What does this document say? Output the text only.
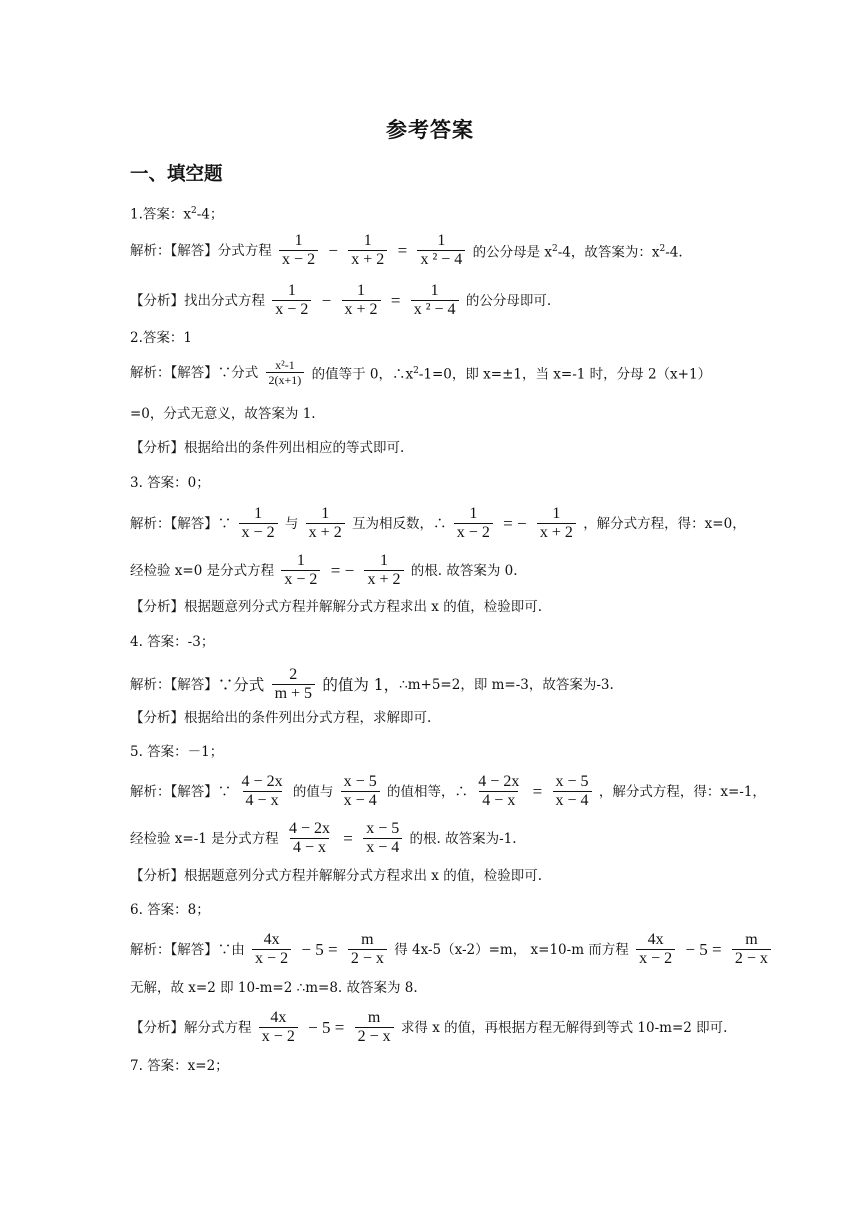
参考答案
一、填空题
1.答案：$x^2-4$；
解析：【解答】分式方程 $\frac{1}{x - 2} - \frac{1}{x + 2} = \frac{1}{\text{x ² − 4}}$ 的公分母是 $x^2-4$，故答案为：$x^2-4$.
【分析】找出分式方程 $\frac{1}{x - 2} - \frac{1}{x + 2} = \frac{1}{\text{x ² − 4}}$ 的公分母即可.
2.答案：1
解析：【解答】∵分式 $\frac{\text{x²-1}}{2(x+1)}$ 的值等于 0，$\therefore x^2-1=0$，即 x=±1，当 x=-1 时，分母 2（x+1）
=0，分式无意义，故答案为 1.
【分析】根据给出的条件列出相应的等式即可.
3. 答案：0；
解析：【解答】∵ $\frac{1}{x - 2}$ 与 $\frac{1}{x + 2}$ 互为相反数，∴ $\frac{1}{x - 2}$ = − $\frac{1}{x + 2}$ ，解分式方程，得：x=0，
经检验 x=0 是分式方程 $\frac{1}{x - 2}$ = − $\frac{1}{x + 2}$ 的根. 故答案为 0.
【分析】根据题意列分式方程并解解分式方程求出 x 的值，检验即可.
4. 答案：-3；
解析：【解答】∵分式 $\frac{2}{m + 5}$ 的值为 1，∴m+5=2，即 m=-3，故答案为-3.
【分析】根据给出的条件列出分式方程，求解即可.
5. 答案：－1；
解析：【解答】∵ $\frac{4 - 2x}{4 - x}$ 的值与 $\frac{x - 5}{x - 4}$ 的值相等，∴ $\frac{4 - 2x}{4 - x} = \frac{x - 5}{x - 4}$ ，解分式方程，得：x=-1，
经检验 x=-1 是分式方程 $\frac{4 - 2x}{4 - x} = \frac{x - 5}{x - 4}$ 的根. 故答案为-1.
【分析】根据题意列分式方程并解解分式方程求出 x 的值，检验即可.
6. 答案：8；
解析：【解答】∵由 $\frac{4x}{x - 2} - 5 = \frac{m}{2 - x}$ 得 4x-5（x-2）=m， x=10-m 而方程 $\frac{4x}{x - 2} - 5 = \frac{m}{2 - x}$
无解，故 x=2 即 10-m=2 ∴m=8. 故答案为 8.
【分析】解分式方程 $\frac{4x}{x - 2} - 5 = \frac{m}{2 - x}$ 求得 x 的值，再根据方程无解得到等式 10-m=2 即可.
7. 答案：x=2；
